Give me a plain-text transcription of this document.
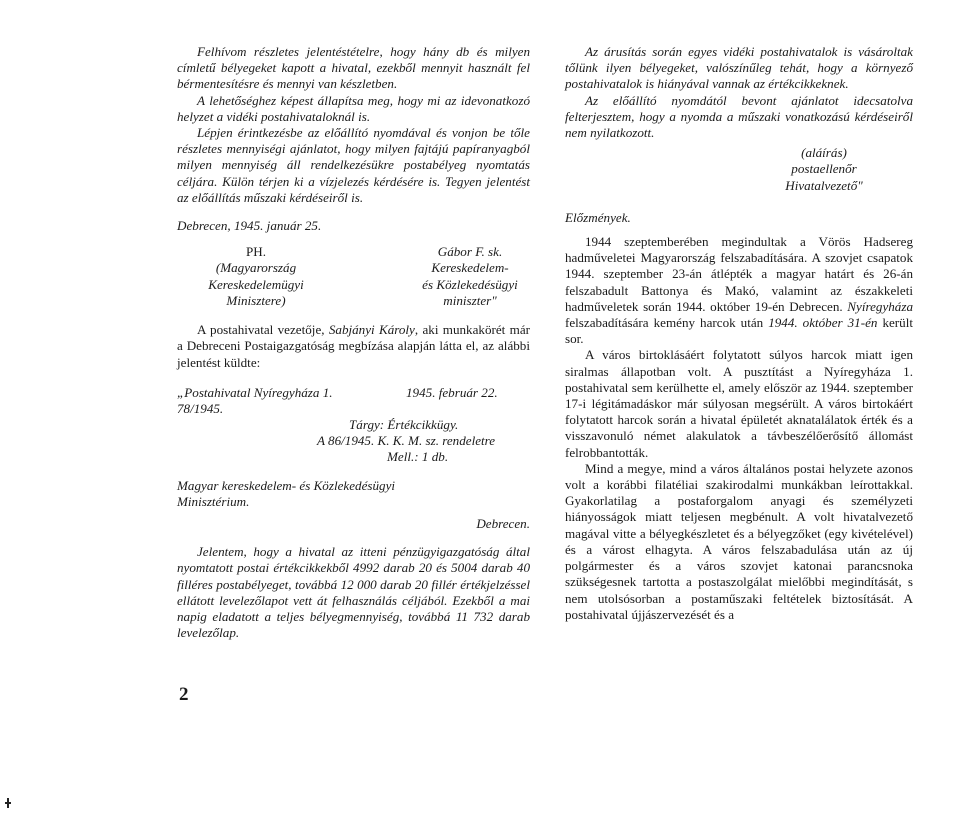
Felhívom részletes jelentéstételre, hogy hány db és milyen címletű bélyegeket kapott a hivatal, ezekből mennyit használt fel bérmentesítésre és mennyi van készletben.

A lehetőséghez képest állapítsa meg, hogy mi az idevonatkozó helyzet a vidéki postahivataloknál is.

Lépjen érintkezésbe az előállító nyomdával és vonjon be tőle részletes mennyiségi ajánlatot, hogy milyen fajtájú papíranyagból milyen mennyiség áll rendelkezésükre postabélyeg nyomtatás céljára. Külön térjen ki a vízjelezés kérdésére is. Tegyen jelentést az előállítás műszaki kérdéseiről is.

Debrecen, 1945. január 25.

PH.
(Magyarország
Kereskedelemügyi
Minisztere)
Gábor F. sk.
Kereskedelem-
és Közlekedésügyi
miniszter"

A postahivatal vezetője, Sabjányi Károly, aki munkakörét már a Debreceni Postaigazgatóság megbízása alapján látta el, az alábbi jelentést küldte:

„Postahivatal Nyíregyháza 1.	1945. február 22.
78/1945.
Tárgy: Értékcikkügy.
A 86/1945. K. K. M. sz. rendeletre
Mell.: 1 db.
Magyar kereskedelem- és Közlekedésügyi
Minisztérium.
Debrecen.

Jelentem, hogy a hivatal az itteni pénzügyigazgatóság által nyomtatott postai értékcikkekből 4992 darab 20 és 5004 darab 40 filléres postabélyeget, továbbá 12 000 darab 20 fillér értékjelzéssel ellátott levelezőlapot vett át felhasználás céljából. Ezekből a mai napig eladatott a teljes bélyegmennyiség, továbbá 11 732 darab levelezőlap.

2

Az árusítás során egyes vidéki postahivatalok is vásároltak tőlünk ilyen bélyegeket, valószínűleg tehát, hogy a környező postahivatalok is hiányával vannak az értékcikkeknek.

Az előállító nyomdától bevont ajánlatot idecsatolva felterjesztem, hogy a nyomda a műszaki vonatkozású kérdéseiről nem nyilatkozott.

(aláírás)
postaellenőr
Hivatalvezető"
Előzmények.

1944 szeptemberében megindultak a Vörös Hadsereg hadműveletei Magyarország felszabadítására. A szovjet csapatok 1944. szeptember 23-án átlépték a magyar határt és 26-án felszabadult Battonya és Makó, valamint az északkeleti hadműveletek során 1944. október 19-én Debrecen. Nyíregyháza felszabadítására kemény harcok után 1944. október 31-én került sor.

A város birtoklásáért folytatott súlyos harcok miatt igen siralmas állapotban volt. A pusztítást a Nyíregyháza 1. postahivatal sem kerülhette el, amely először az 1944. szeptember 17-i légitámadáskor már súlyosan megsérült. A város birtokáért folytatott harcok során a hivatal épületét aknatalálatok érték és a visszavonuló német alakulatok a távbeszélőerősítő állomást felrobbantották.

Mind a megye, mind a város általános postai helyzete azonos volt a korábbi filatéliai szakirodalmi munkákban leírottakkal. Gyakorlatilag a postaforgalom anyagi és személyzeti hiányosságok miatt teljesen megbénult. A volt hivatalvezető magával vitte a bélyegkészletet és a bélyegzőket (egy kivételével) és a várost elhagyta. A város felszabadulása után az új polgármester és a város szovjet katonai parancsnoka szükségesnek tartotta a postaszolgálat mielőbbi megindítását, s nem utolsósorban a postaműszaki feltételek biztosítását. A postahivatal újjászervezését és a
